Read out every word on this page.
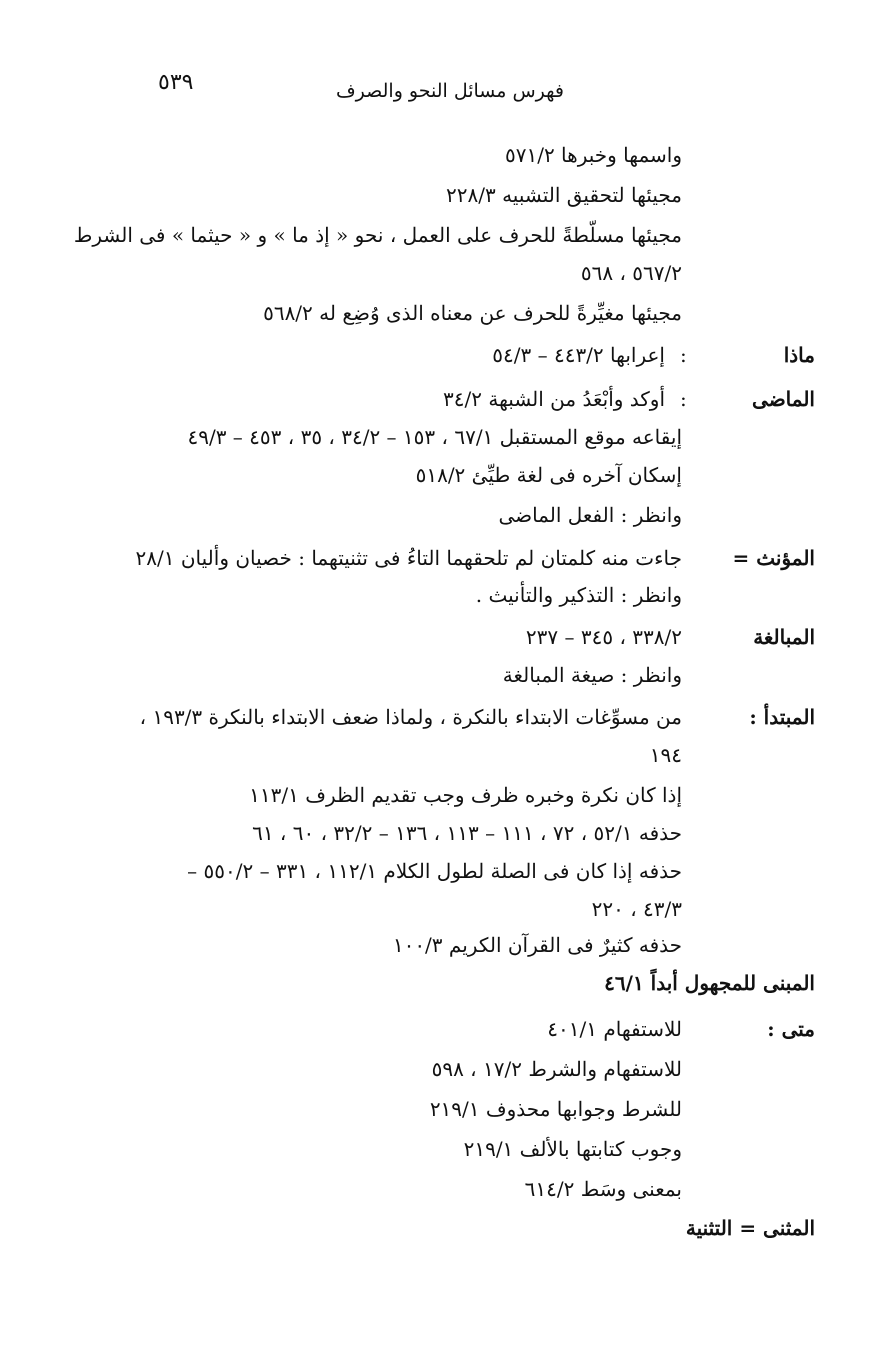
٥٣٩	فهرس مسائل النحو والصرف
واسمها وخبرها ٥٧١/٢
مجيئها لتحقيق التشبيه ٢٢٨/٣
مجيئها مسلّطةً للحرف على العمل ، نحو « إذ ما » و « حيثما » فى الشرط
٥٦٧/٢ ، ٥٦٨
مجيئها مغيِّرةً للحرف عن معناه الذى وُضِع له ٥٦٨/٢
ماذا
:
إعرابها ٤٤٣/٢ – ٥٤/٣
الماضى
:
أوكد وأبْعَدُ من الشبهة ٣٤/٢
إيقاعه موقع المستقبل ٦٧/١ ، ١٥٣ – ٣٤/٢ ، ٣٥ ، ٤٥٣ – ٤٩/٣
إسكان آخره فى لغة طيِّئ ٥١٨/٢
وانظر : الفعل الماضى
المؤنث =
جاءت منه كلمتان لم تلحقهما التاءُ فى تثنيتهما : خصيان وأليان ٢٨/١
وانظر : التذكير والتأنيث .
المبالغة
٣٣٨/٢ ، ٣٤٥ – ٢٣٧
وانظر : صيغة المبالغة
المبتدأ :
من مسوِّغات الابتداء بالنكرة ، ولماذا ضعف الابتداء بالنكرة ١٩٣/٣ ،
١٩٤
إذا كان نكرة وخبره ظرف وجب تقديم الظرف ١١٣/١
حذفه ٥٢/١ ، ٧٢ ، ١١١ – ١١٣ ، ١٣٦ – ٣٢/٢ ، ٦٠ ، ٦١
حذفه إذا كان فى الصلة لطول الكلام ١١٢/١ ، ٣٣١ – ٥٥٠/٢ –
٤٣/٣ ، ٢٢٠
حذفه كثيرٌ فى القرآن الكريم ١٠٠/٣
المبنى للمجهول أبداً ٤٦/١
متى :
للاستفهام ٤٠١/١
للاستفهام والشرط ١٧/٢ ، ٥٩٨
للشرط وجوابها محذوف ٢١٩/١
وجوب كتابتها بالألف ٢١٩/١
بمعنى وسَط ٦١٤/٢
المثنى = التثنية
